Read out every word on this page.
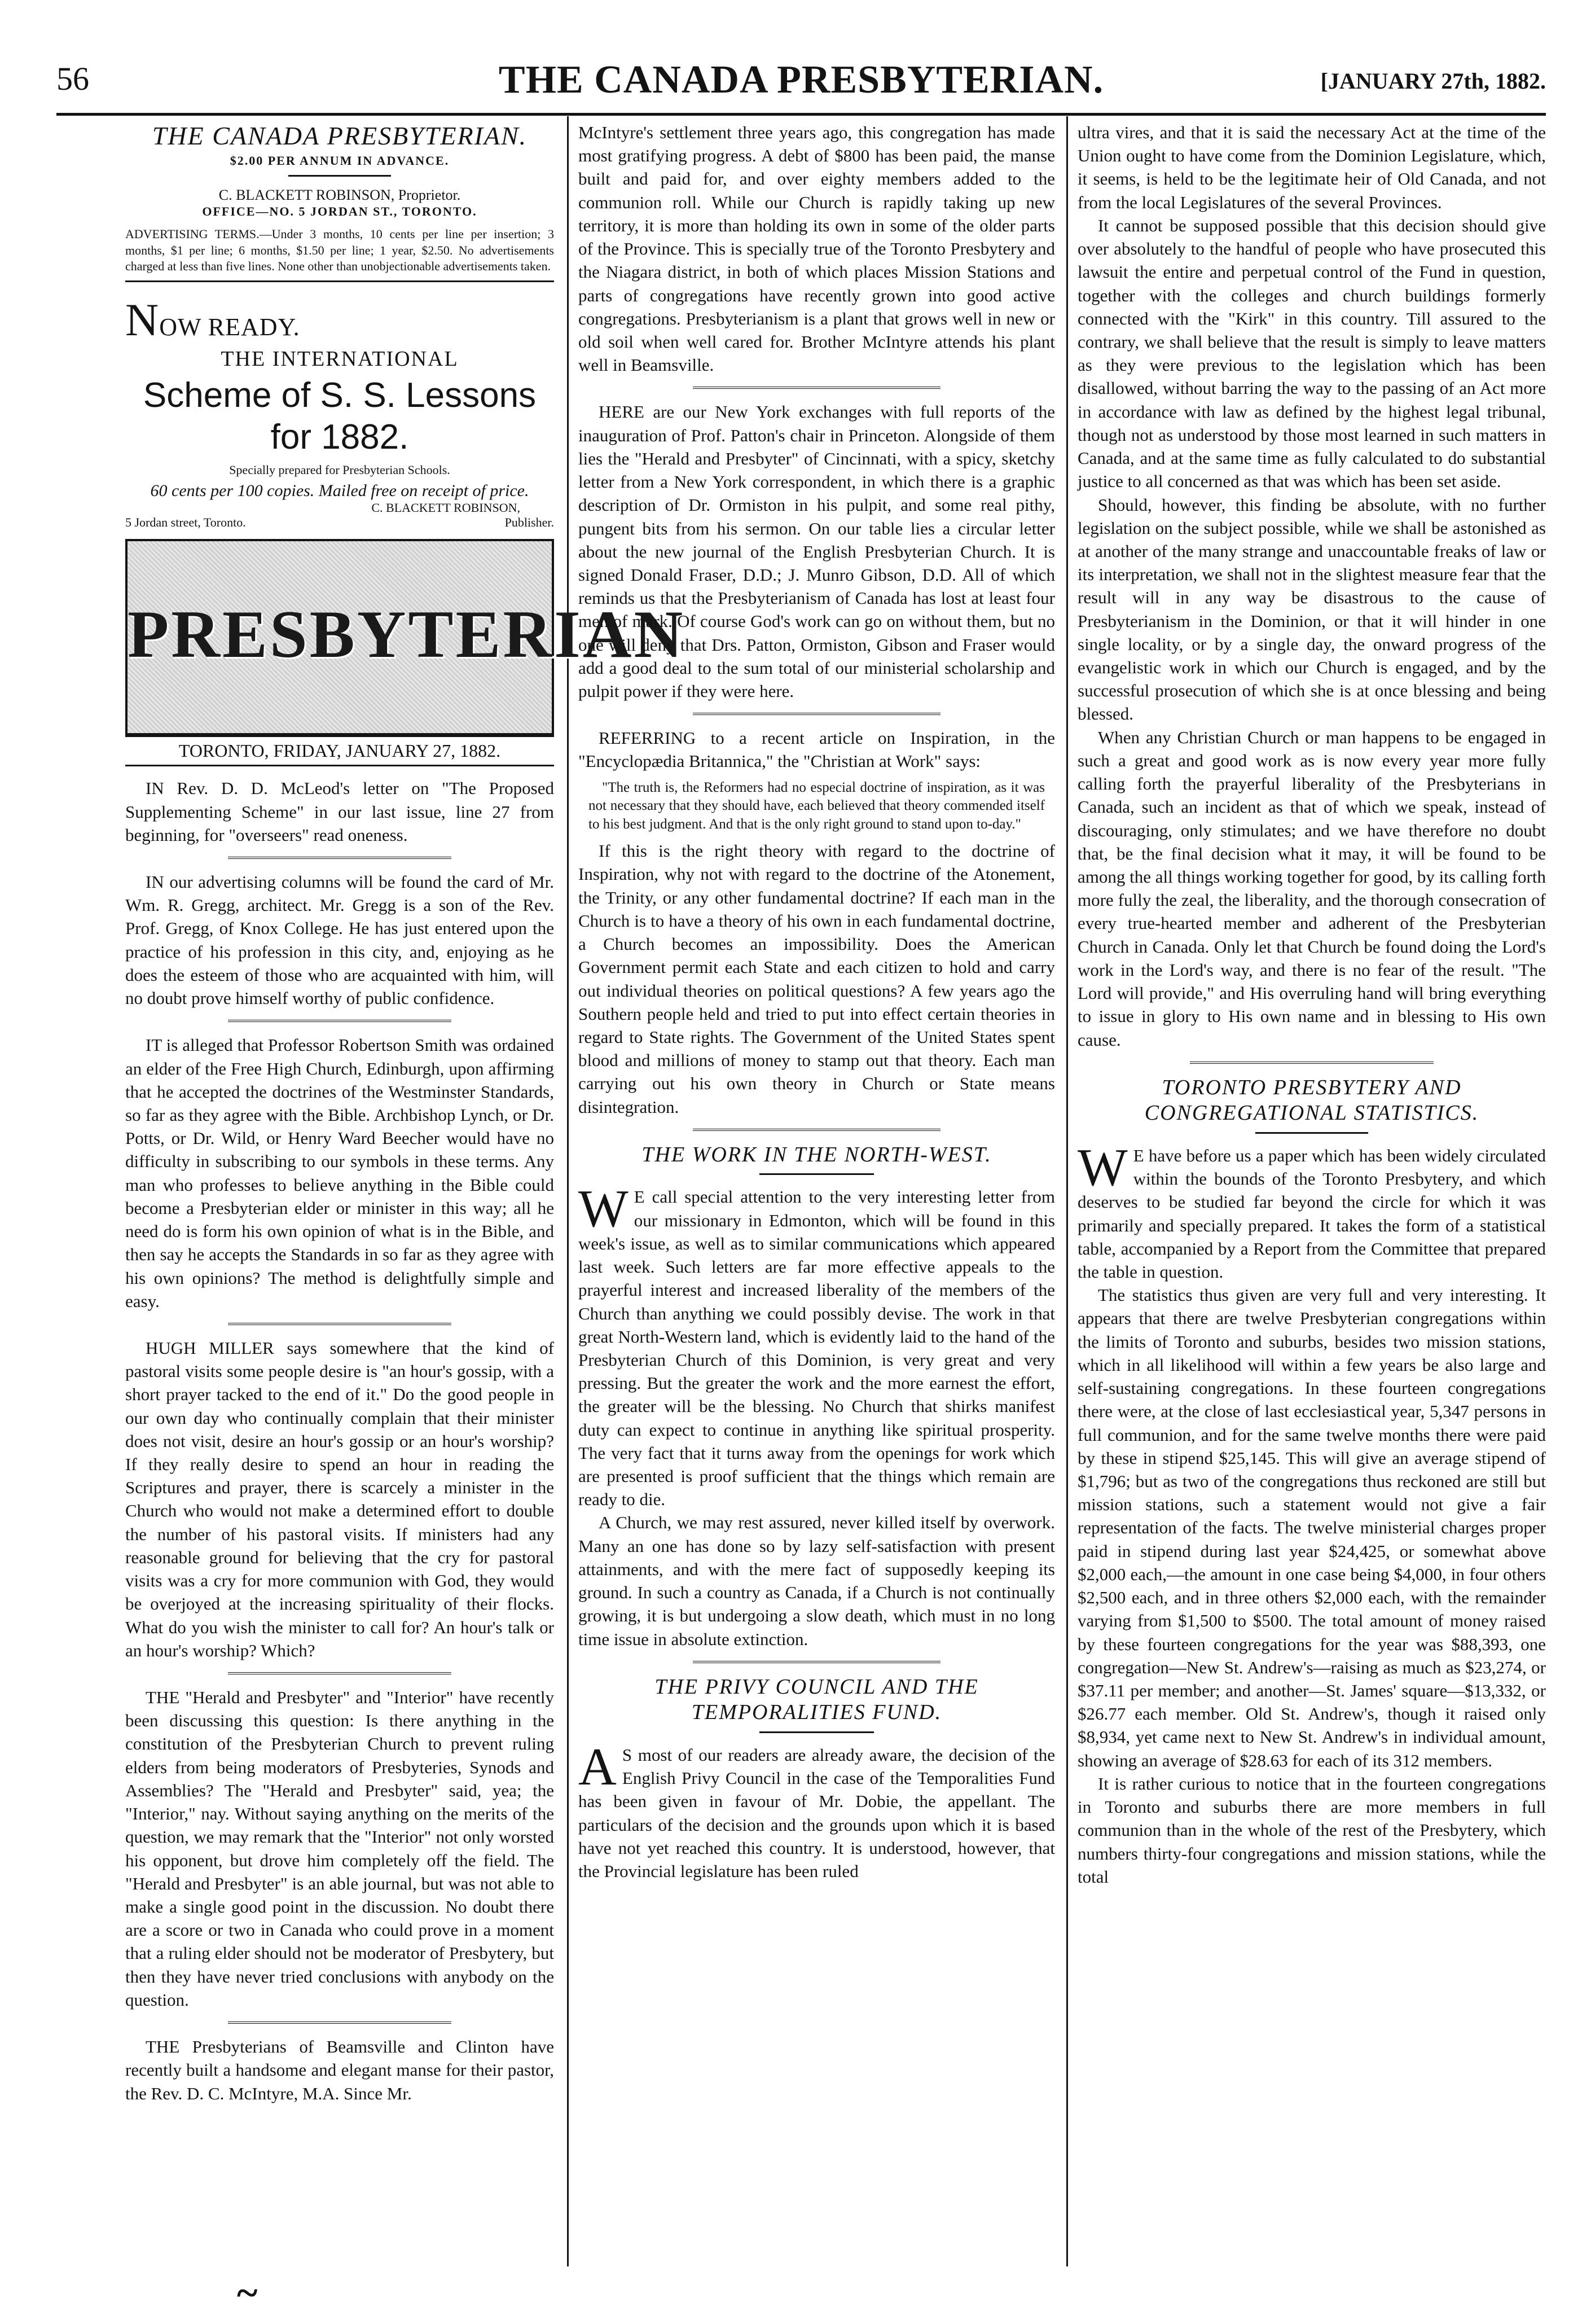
56	THE CANADA PRESBYTERIAN.	[JANUARY 27th, 1882.
THE CANADA PRESBYTERIAN.
$2.00 PER ANNUM IN ADVANCE.
C. BLACKETT ROBINSON, Proprietor.
OFFICE—NO. 5 JORDAN ST., TORONTO.
ADVERTISING TERMS.—Under 3 months, 10 cents per line per insertion; 3 months, $1 per line; 6 months, $1.50 per line; 1 year, $2.50. No advertisements charged at less than five lines. None other than unobjectionable advertisements taken.
NOW READY.
THE INTERNATIONAL
Scheme of S. S. Lessons for 1882.
Specially prepared for Presbyterian Schools.
60 cents per 100 copies. Mailed free on receipt of price.
C. BLACKETT ROBINSON,
5 Jordan street, Toronto.	Publisher.
PRESBYTERIAN
TORONTO, FRIDAY, JANUARY 27, 1882.

IN Rev. D. D. McLeod's letter on "The Proposed Supplementing Scheme" in our last issue, line 27 from beginning, for "overseers" read oneness.

IN our advertising columns will be found the card of Mr. Wm. R. Gregg, architect. Mr. Gregg is a son of the Rev. Prof. Gregg, of Knox College. He has just entered upon the practice of his profession in this city, and, enjoying as he does the esteem of those who are acquainted with him, will no doubt prove himself worthy of public confidence.

IT is alleged that Professor Robertson Smith was ordained an elder of the Free High Church, Edinburgh, upon affirming that he accepted the doctrines of the Westminster Standards, so far as they agree with the Bible. Archbishop Lynch, or Dr. Potts, or Dr. Wild, or Henry Ward Beecher would have no difficulty in subscribing to our symbols in these terms. Any man who professes to believe anything in the Bible could become a Presbyterian elder or minister in this way; all he need do is form his own opinion of what is in the Bible, and then say he accepts the Standards in so far as they agree with his own opinions? The method is delightfully simple and easy.

HUGH MILLER says somewhere that the kind of pastoral visits some people desire is "an hour's gossip, with a short prayer tacked to the end of it." Do the good people in our own day who continually complain that their minister does not visit, desire an hour's gossip or an hour's worship? If they really desire to spend an hour in reading the Scriptures and prayer, there is scarcely a minister in the Church who would not make a determined effort to double the number of his pastoral visits. If ministers had any reasonable ground for believing that the cry for pastoral visits was a cry for more communion with God, they would be overjoyed at the increasing spirituality of their flocks. What do you wish the minister to call for? An hour's talk or an hour's worship? Which?

THE "Herald and Presbyter" and "Interior" have recently been discussing this question: Is there anything in the constitution of the Presbyterian Church to prevent ruling elders from being moderators of Presbyteries, Synods and Assemblies? The "Herald and Presbyter" said, yea; the "Interior," nay. Without saying anything on the merits of the question, we may remark that the "Interior" not only worsted his opponent, but drove him completely off the field. The "Herald and Presbyter" is an able journal, but was not able to make a single good point in the discussion. No doubt there are a score or two in Canada who could prove in a moment that a ruling elder should not be moderator of Presbytery, but then they have never tried conclusions with anybody on the question.

THE Presbyterians of Beamsville and Clinton have recently built a handsome and elegant manse for their pastor, the Rev. D. C. McIntyre, M.A. Since Mr.

McIntyre's settlement three years ago, this congregation has made most gratifying progress. A debt of $800 has been paid, the manse built and paid for, and over eighty members added to the communion roll. While our Church is rapidly taking up new territory, it is more than holding its own in some of the older parts of the Province. This is specially true of the Toronto Presbytery and the Niagara district, in both of which places Mission Stations and parts of congregations have recently grown into good active congregations. Presbyterianism is a plant that grows well in new or old soil when well cared for. Brother McIntyre attends his plant well in Beamsville.

HERE are our New York exchanges with full reports of the inauguration of Prof. Patton's chair in Princeton. Alongside of them lies the "Herald and Presbyter" of Cincinnati, with a spicy, sketchy letter from a New York correspondent, in which there is a graphic description of Dr. Ormiston in his pulpit, and some real pithy, pungent bits from his sermon. On our table lies a circular letter about the new journal of the English Presbyterian Church. It is signed Donald Fraser, D.D.; J. Munro Gibson, D.D. All of which reminds us that the Presbyterianism of Canada has lost at least four men of mark. Of course God's work can go on without them, but no one will deny that Drs. Patton, Ormiston, Gibson and Fraser would add a good deal to the sum total of our ministerial scholarship and pulpit power if they were here.

REFERRING to a recent article on Inspiration, in the "Encyclopædia Britannica," the "Christian at Work" says:

"The truth is, the Reformers had no especial doctrine of inspiration, as it was not necessary that they should have, each believed that theory commended itself to his best judgment. And that is the only right ground to stand upon to-day."

If this is the right theory with regard to the doctrine of Inspiration, why not with regard to the doctrine of the Atonement, the Trinity, or any other fundamental doctrine? If each man in the Church is to have a theory of his own in each fundamental doctrine, a Church becomes an impossibility. Does the American Government permit each State and each citizen to hold and carry out individual theories on political questions? A few years ago the Southern people held and tried to put into effect certain theories in regard to State rights. The Government of the United States spent blood and millions of money to stamp out that theory. Each man carrying out his own theory in Church or State means disintegration.

THE WORK IN THE NORTH-WEST.

W E call special attention to the very interesting letter from our missionary in Edmonton, which will be found in this week's issue, as well as to similar communications which appeared last week. Such letters are far more effective appeals to the prayerful interest and increased liberality of the members of the Church than anything we could possibly devise. The work in that great North-Western land, which is evidently laid to the hand of the Presbyterian Church of this Dominion, is very great and very pressing. But the greater the work and the more earnest the effort, the greater will be the blessing. No Church that shirks manifest duty can expect to continue in anything like spiritual prosperity. The very fact that it turns away from the openings for work which are presented is proof sufficient that the things which remain are ready to die.

A Church, we may rest assured, never killed itself by overwork. Many an one has done so by lazy self-satisfaction with present attainments, and with the mere fact of supposedly keeping its ground. In such a country as Canada, if a Church is not continually growing, it is but undergoing a slow death, which must in no long time issue in absolute extinction.

THE PRIVY COUNCIL AND THE TEMPORALITIES FUND.

A S most of our readers are already aware, the decision of the English Privy Council in the case of the Temporalities Fund has been given in favour of Mr. Dobie, the appellant. The particulars of the decision and the grounds upon which it is based have not yet reached this country. It is understood, however, that the Provincial legislature has been ruled

ultra vires, and that it is said the necessary Act at the time of the Union ought to have come from the Dominion Legislature, which, it seems, is held to be the legitimate heir of Old Canada, and not from the local Legislatures of the several Provinces.

It cannot be supposed possible that this decision should give over absolutely to the handful of people who have prosecuted this lawsuit the entire and perpetual control of the Fund in question, together with the colleges and church buildings formerly connected with the "Kirk" in this country. Till assured to the contrary, we shall believe that the result is simply to leave matters as they were previous to the legislation which has been disallowed, without barring the way to the passing of an Act more in accordance with law as defined by the highest legal tribunal, though not as understood by those most learned in such matters in Canada, and at the same time as fully calculated to do substantial justice to all concerned as that was which has been set aside.

Should, however, this finding be absolute, with no further legislation on the subject possible, while we shall be astonished as at another of the many strange and unaccountable freaks of law or its interpretation, we shall not in the slightest measure fear that the result will in any way be disastrous to the cause of Presbyterianism in the Dominion, or that it will hinder in one single locality, or by a single day, the onward progress of the evangelistic work in which our Church is engaged, and by the successful prosecution of which she is at once blessing and being blessed.

When any Christian Church or man happens to be engaged in such a great and good work as is now every year more fully calling forth the prayerful liberality of the Presbyterians in Canada, such an incident as that of which we speak, instead of discouraging, only stimulates; and we have therefore no doubt that, be the final decision what it may, it will be found to be among the all things working together for good, by its calling forth more fully the zeal, the liberality, and the thorough consecration of every true-hearted member and adherent of the Presbyterian Church in Canada. Only let that Church be found doing the Lord's work in the Lord's way, and there is no fear of the result. "The Lord will provide," and His overruling hand will bring everything to issue in glory to His own name and in blessing to His own cause.

TORONTO PRESBYTERY AND CONGREGATIONAL STATISTICS.

W E have before us a paper which has been widely circulated within the bounds of the Toronto Presbytery, and which deserves to be studied far beyond the circle for which it was primarily and specially prepared. It takes the form of a statistical table, accompanied by a Report from the Committee that prepared the table in question.

The statistics thus given are very full and very interesting. It appears that there are twelve Presbyterian congregations within the limits of Toronto and suburbs, besides two mission stations, which in all likelihood will within a few years be also large and self-sustaining congregations. In these fourteen congregations there were, at the close of last ecclesiastical year, 5,347 persons in full communion, and for the same twelve months there were paid by these in stipend $25,145. This will give an average stipend of $1,796; but as two of the congregations thus reckoned are still but mission stations, such a statement would not give a fair representation of the facts. The twelve ministerial charges proper paid in stipend during last year $24,425, or somewhat above $2,000 each,—the amount in one case being $4,000, in four others $2,500 each, and in three others $2,000 each, with the remainder varying from $1,500 to $500. The total amount of money raised by these fourteen congregations for the year was $88,393, one congregation—New St. Andrew's—raising as much as $23,274, or $37.11 per member; and another—St. James' square—$13,332, or $26.77 each member. Old St. Andrew's, though it raised only $8,934, yet came next to New St. Andrew's in individual amount, showing an average of $28.63 for each of its 312 members.

It is rather curious to notice that in the fourteen congregations in Toronto and suburbs there are more members in full communion than in the whole of the rest of the Presbytery, which numbers thirty-four congregations and mission stations, while the total

~
